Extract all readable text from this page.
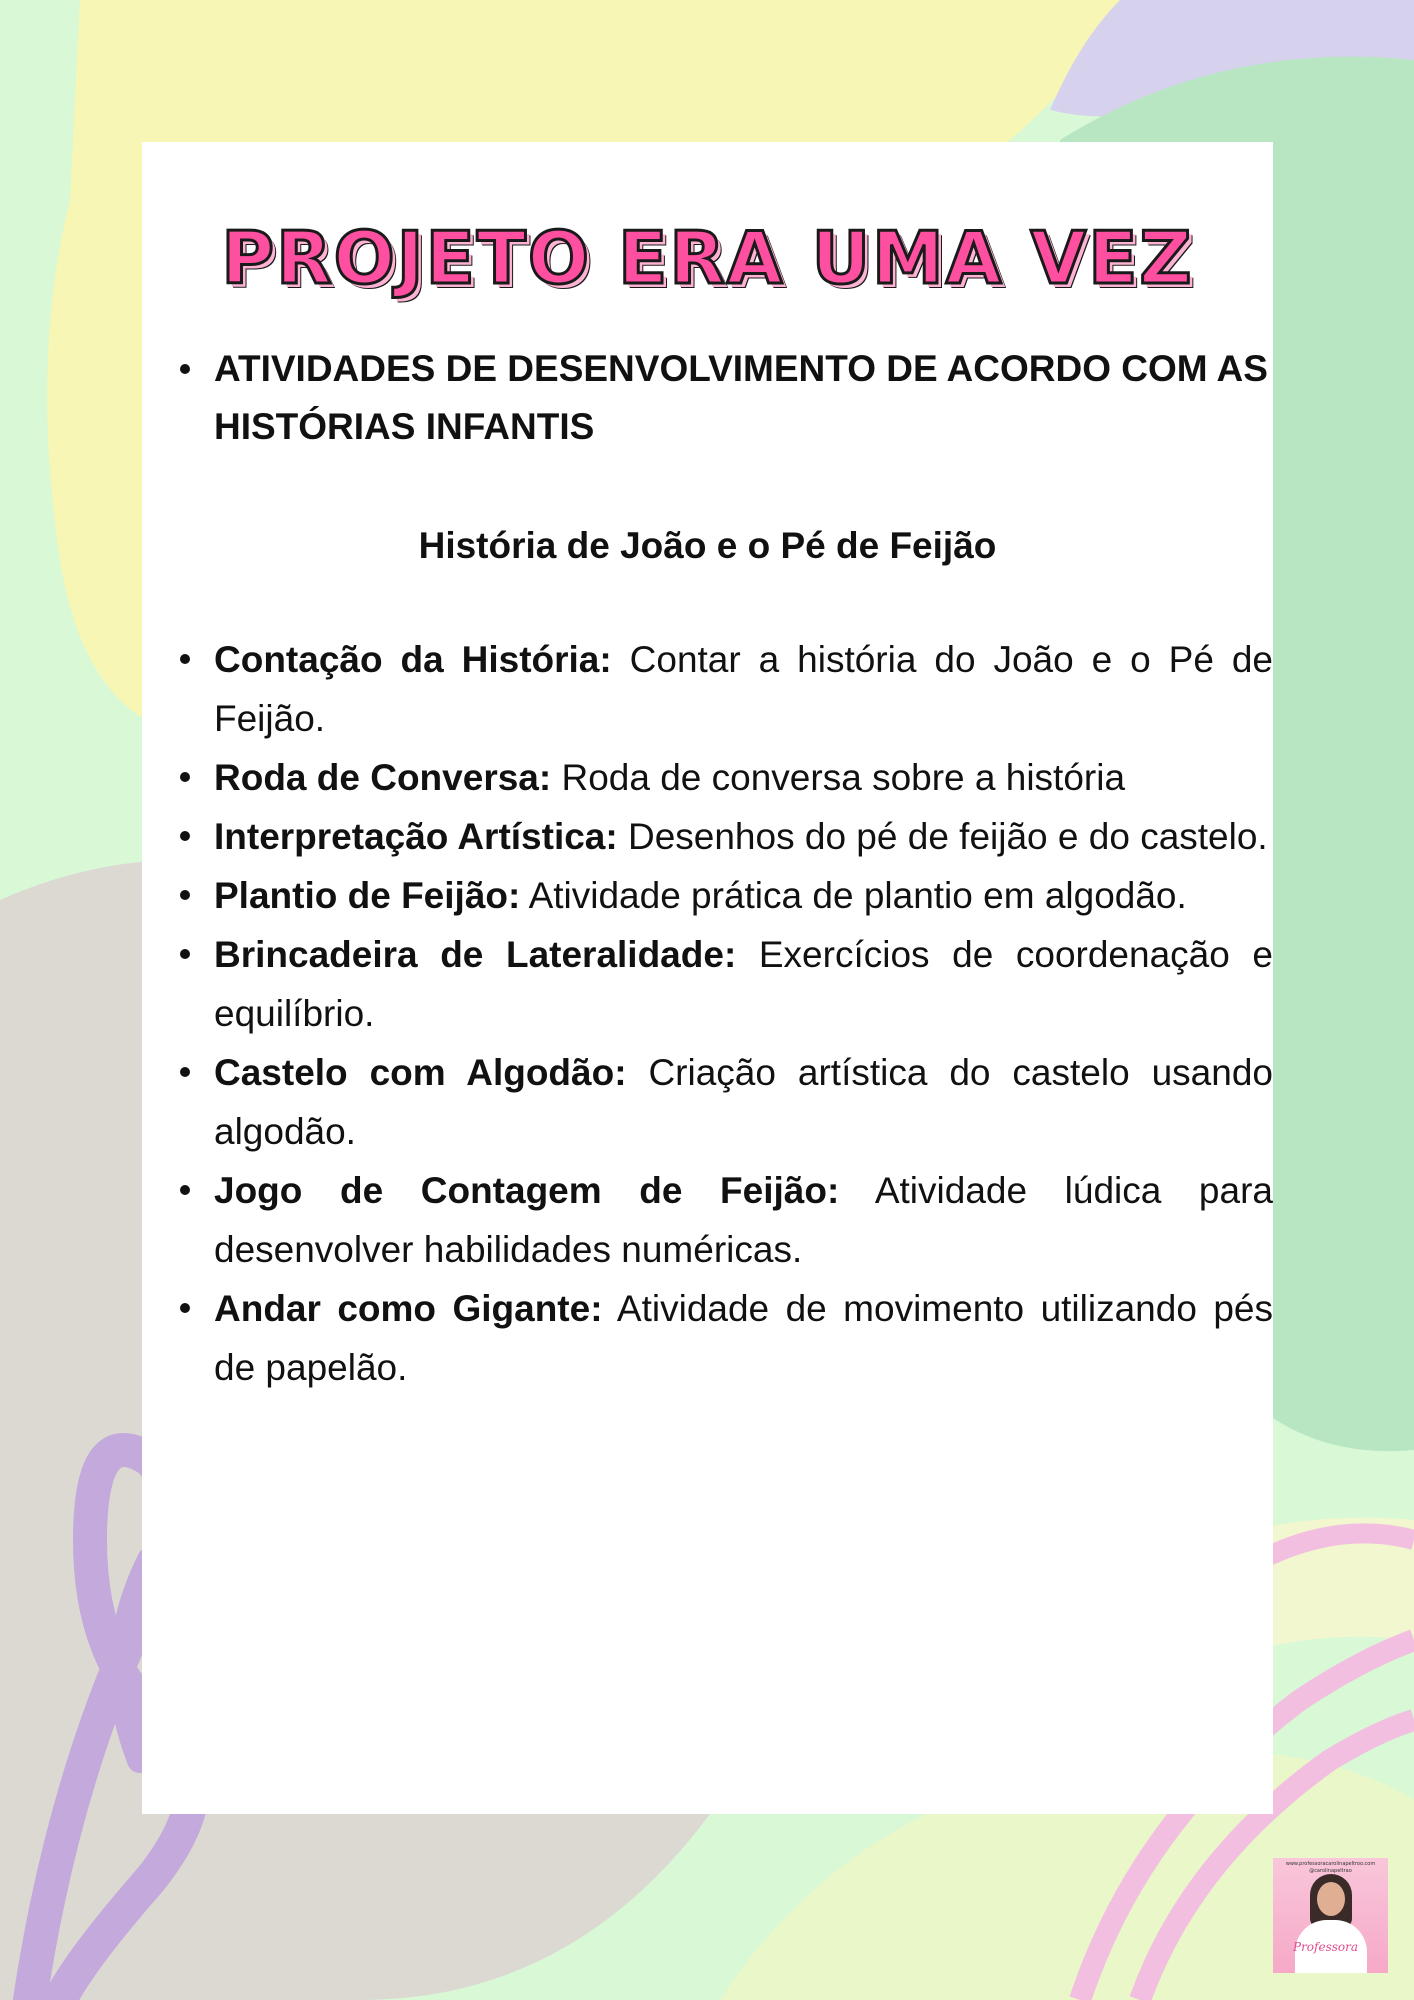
PROJETO ERA UMA VEZ
ATIVIDADES DE DESENVOLVIMENTO DE ACORDO COM AS HISTÓRIAS INFANTIS
História de João e o Pé de Feijão
Contação da História: Contar a história do João e o Pé de Feijão.
Roda de Conversa: Roda de conversa sobre a história
Interpretação Artística: Desenhos do pé de feijão e do castelo.
Plantio de Feijão: Atividade prática de plantio em algodão.
Brincadeira de Lateralidade: Exercícios de coordenação e equilíbrio.
Castelo com Algodão: Criação artística do castelo usando algodão.
Jogo de Contagem de Feijão: Atividade lúdica para desenvolver habilidades numéricas.
Andar como Gigante: Atividade de movimento utilizando pés de papelão.
www.professoracarolinapeltroo.com
@carolinapeltrao
Professora
